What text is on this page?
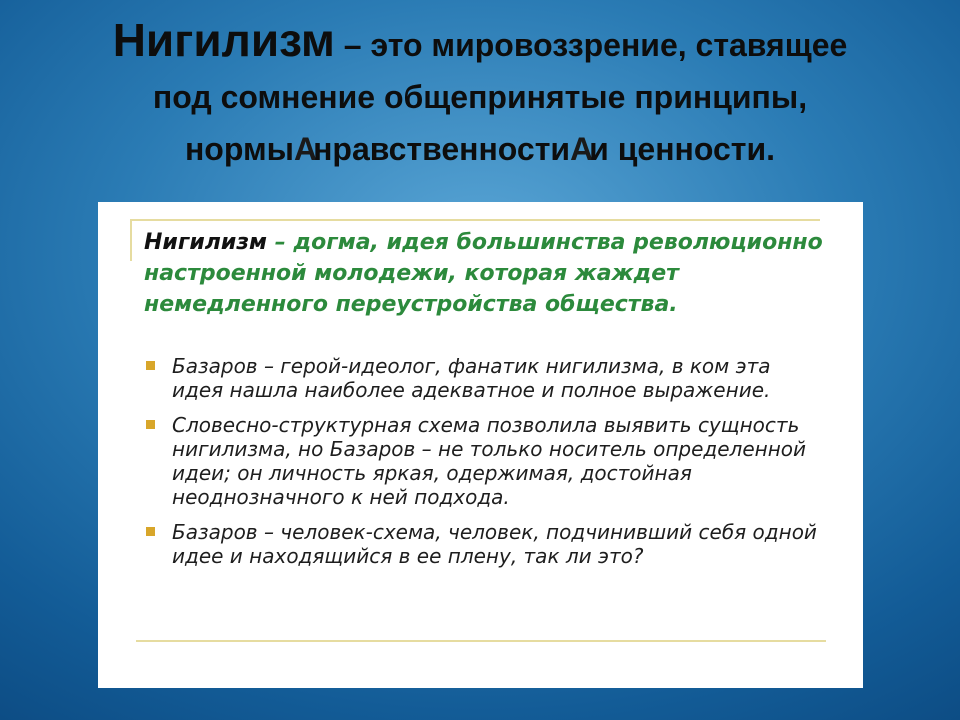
Нигилизм – это мировоззрение, ставящее
под сомнение общепринятые принципы,
нормыAнравственностиAи ценности.
Нигилизм – догма, идея большинства революционно настроенной молодежи, которая жаждет немедленного переустройства общества.
Базаров – герой-идеолог, фанатик нигилизма, в ком эта идея нашла наиболее адекватное и полное выражение.
Словесно-структурная схема позволила выявить сущность нигилизма, но Базаров – не только носитель определенной идеи; он личность яркая, одержимая, достойная неоднозначного к ней подхода.
Базаров – человек-схема, человек, подчинивший себя одной идее и находящийся в ее плену, так ли это?
